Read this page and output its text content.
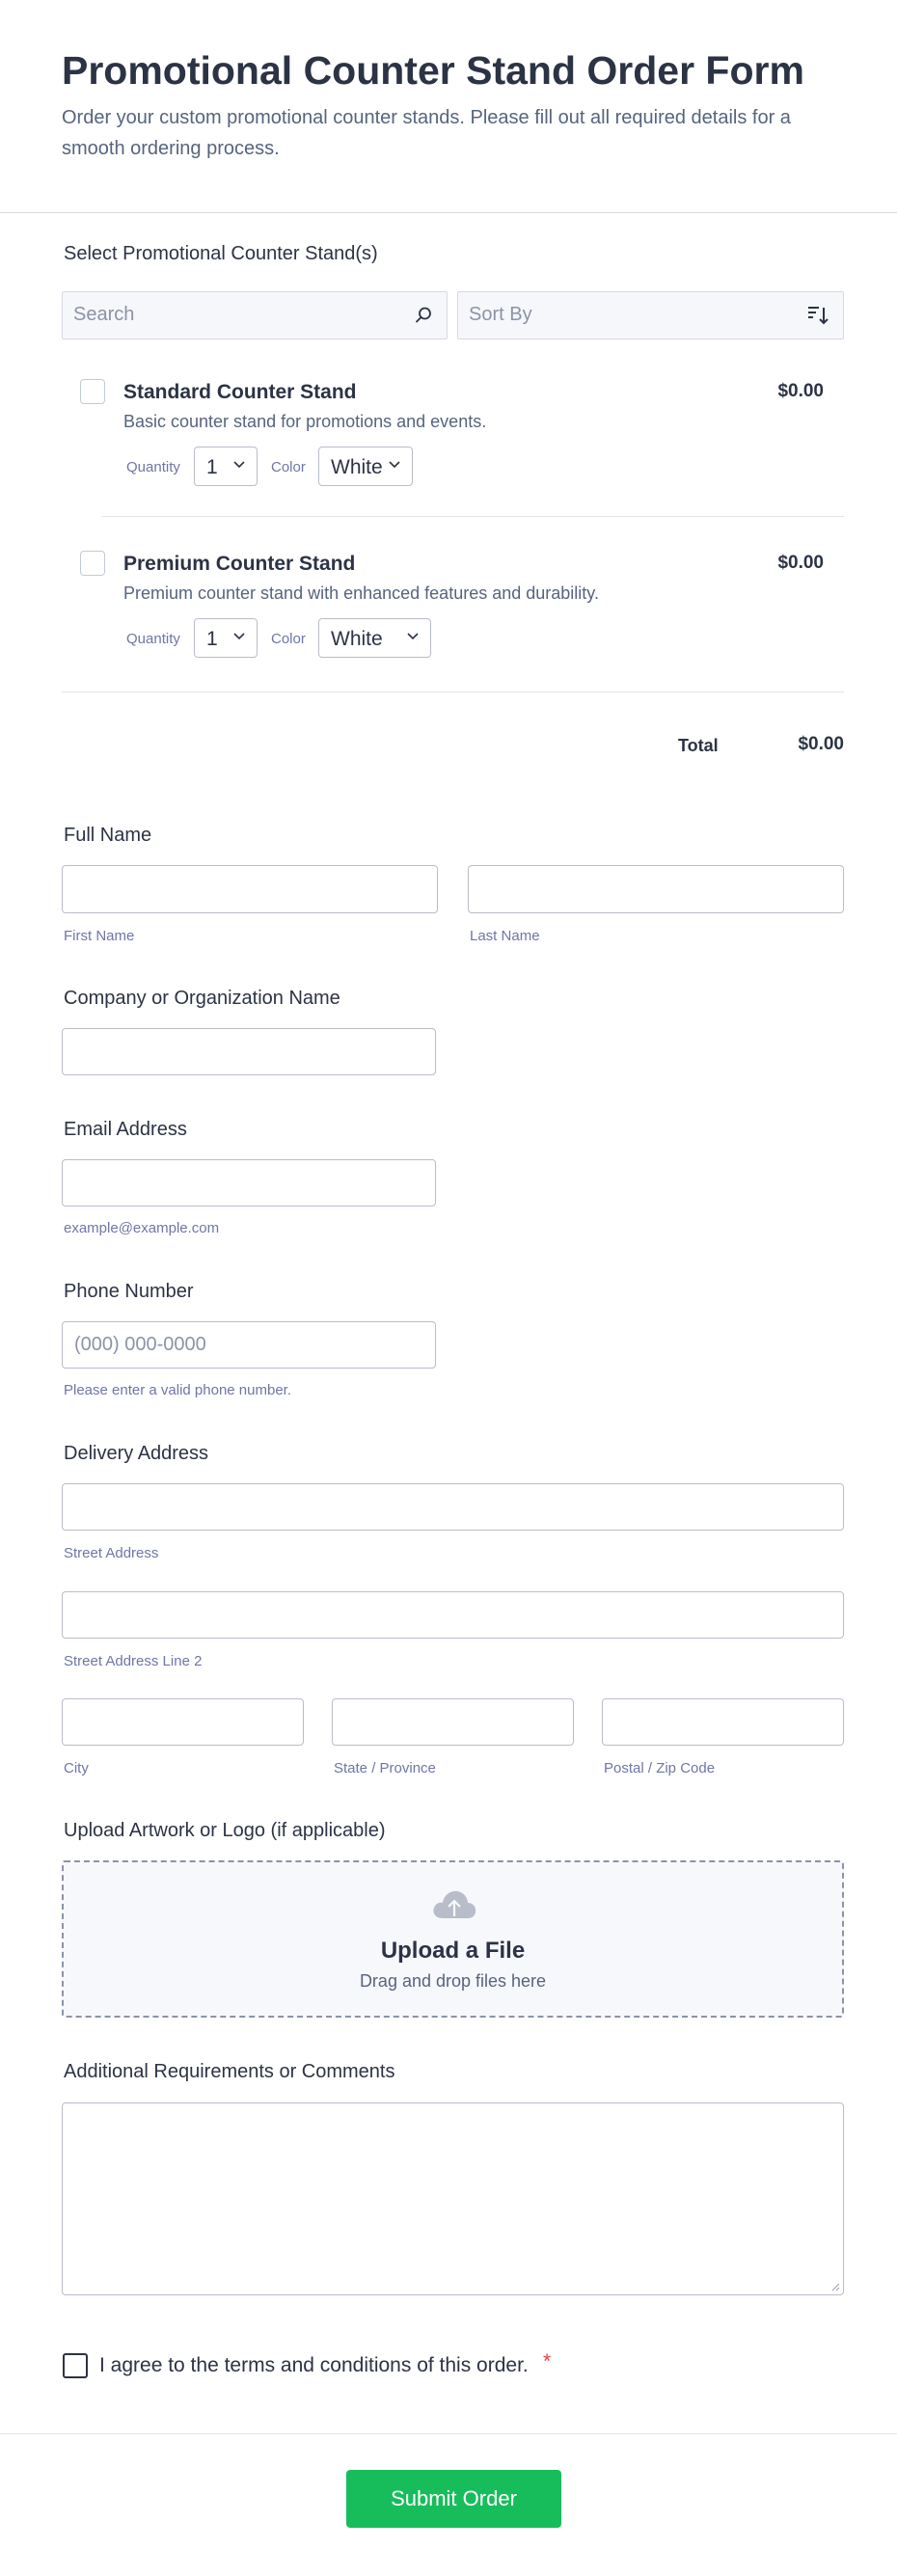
Promotional Counter Stand Order Form
Order your custom promotional counter stands. Please fill out all required details for a smooth ordering process.
Select Promotional Counter Stand(s)
Search	Sort By
Standard Counter Stand	$0.00
Basic counter stand for promotions and events.
Quantity 1	Color White
Premium Counter Stand	$0.00
Premium counter stand with enhanced features and durability.
Quantity 1	Color White
Total	$0.00
Full Name
First Name	Last Name
Company or Organization Name
Email Address
example@example.com
Phone Number
(000) 000-0000
Please enter a valid phone number.
Delivery Address
Street Address
Street Address Line 2
City	State / Province	Postal / Zip Code
Upload Artwork or Logo (if applicable)
Upload a File
Drag and drop files here
Additional Requirements or Comments
I agree to the terms and conditions of this order. *
Submit Order
